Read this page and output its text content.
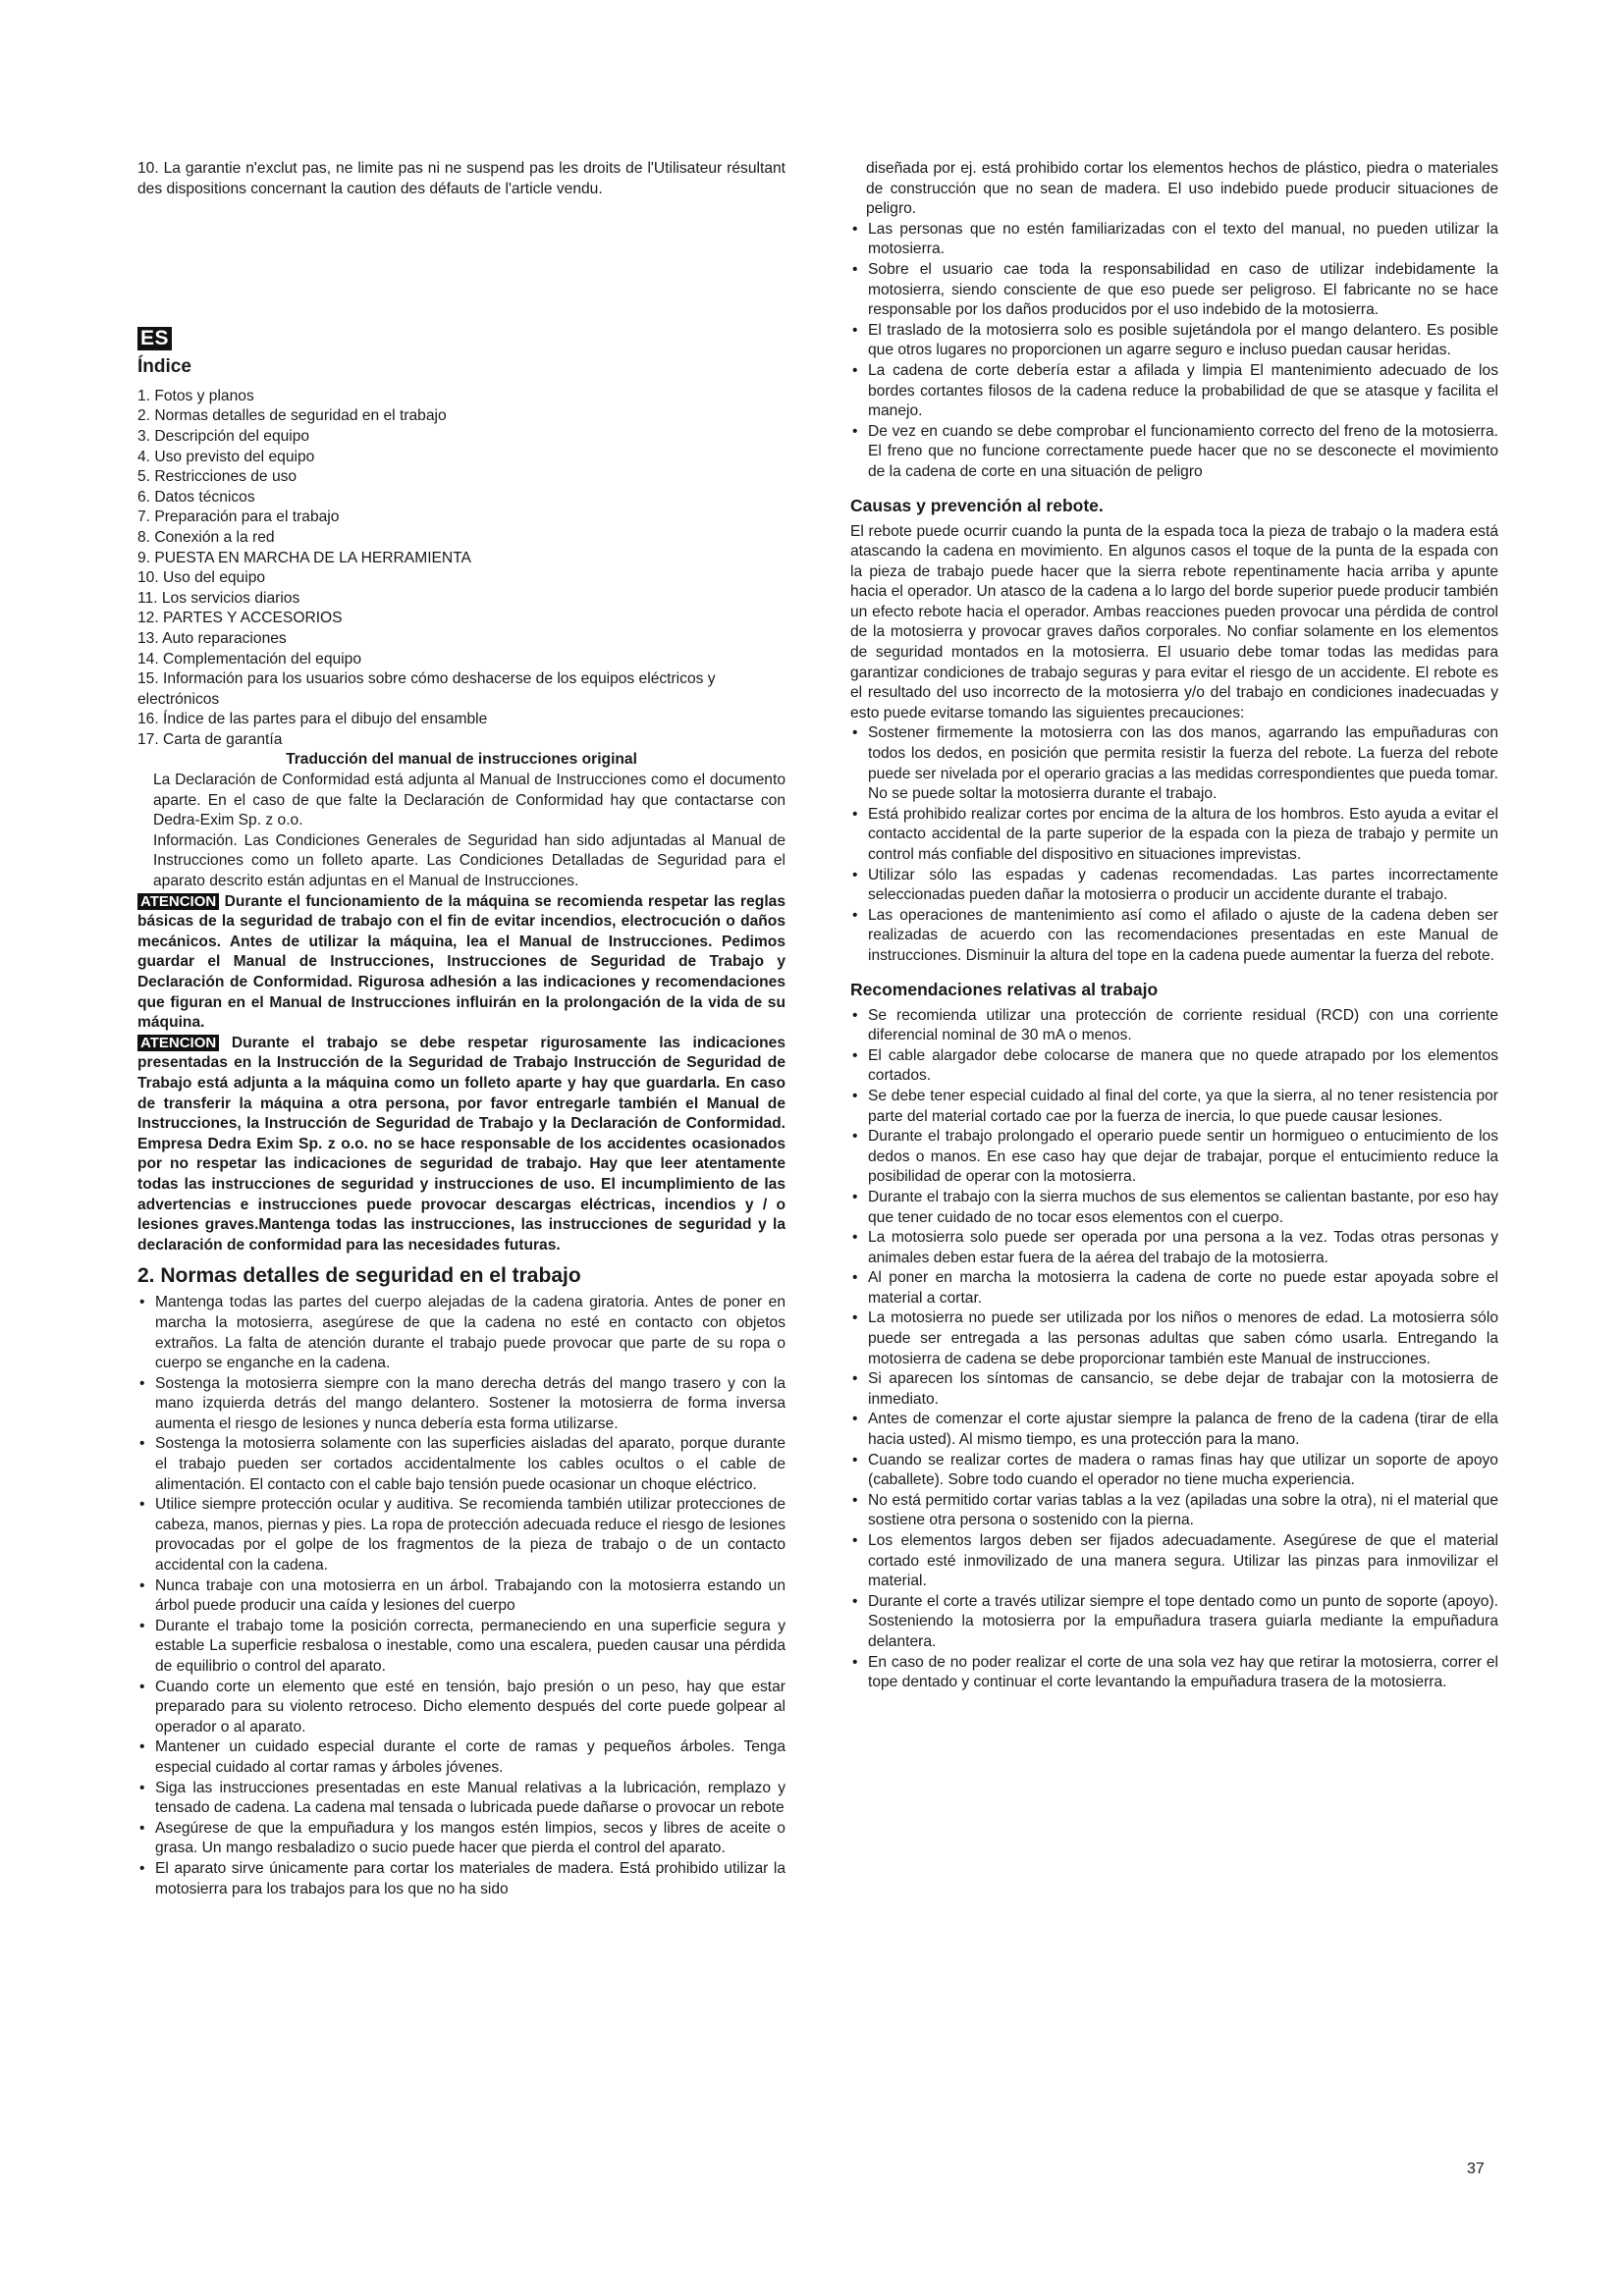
10. La garantie n'exclut pas, ne limite pas ni ne suspend pas les droits de l'Utilisateur résultant des dispositions concernant la caution des défauts de l'article vendu.

ES
Índice
1. Fotos y planos
2. Normas detalles de seguridad en el trabajo
3. Descripción del equipo
4. Uso previsto del equipo
5. Restricciones de uso
6. Datos técnicos
7. Preparación para el trabajo
8. Conexión a la red
9. PUESTA EN MARCHA DE LA HERRAMIENTA
10. Uso del equipo
11. Los servicios diarios
12. PARTES Y ACCESORIOS
13. Auto reparaciones
14. Complementación del equipo
15. Información para los usuarios sobre cómo deshacerse de los equipos eléctricos y electrónicos
16. Índice de las partes para el dibujo del ensamble
17. Carta de garantía

Traducción del manual de instrucciones original

La Declaración de Conformidad está adjunta al Manual de Instrucciones como el documento aparte. En el caso de que falte la Declaración de Conformidad hay que contactarse con Dedra-Exim Sp. z o.o.

Información. Las Condiciones Generales de Seguridad han sido adjuntadas al Manual de Instrucciones como un folleto aparte. Las Condiciones Detalladas de Seguridad para el aparato descrito están adjuntas en el Manual de Instrucciones.

ATENCION Durante el funcionamiento de la máquina se recomienda respetar las reglas básicas de la seguridad de trabajo con el fin de evitar incendios, electrocución o daños mecánicos. Antes de utilizar la máquina, lea el Manual de Instrucciones. Pedimos guardar el Manual de Instrucciones, Instrucciones de Seguridad de Trabajo y Declaración de Conformidad. Rigurosa adhesión a las indicaciones y recomendaciones que figuran en el Manual de Instrucciones influirán en la prolongación de la vida de su máquina.

ATENCION Durante el trabajo se debe respetar rigurosamente las indicaciones presentadas en la Instrucción de la Seguridad de Trabajo Instrucción de Seguridad de Trabajo está adjunta a la máquina como un folleto aparte y hay que guardarla. En caso de transferir la máquina a otra persona, por favor entregarle también el Manual de Instrucciones, la Instrucción de Seguridad de Trabajo y la Declaración de Conformidad. Empresa Dedra Exim Sp. z o.o. no se hace responsable de los accidentes ocasionados por no respetar las indicaciones de seguridad de trabajo. Hay que leer atentamente todas las instrucciones de seguridad y instrucciones de uso. El incumplimiento de las advertencias e instrucciones puede provocar descargas eléctricas, incendios y / o lesiones graves.Mantenga todas las instrucciones, las instrucciones de seguridad y la declaración de conformidad para las necesidades futuras.

2. Normas detalles de seguridad en el trabajo
• Mantenga todas las partes del cuerpo alejadas de la cadena giratoria. Antes de poner en marcha la motosierra, asegúrese de que la cadena no esté en contacto con objetos extraños. La falta de atención durante el trabajo puede provocar que parte de su ropa o cuerpo se enganche en la cadena.
• Sostenga la motosierra siempre con la mano derecha detrás del mango trasero y con la mano izquierda detrás del mango delantero. Sostener la motosierra de forma inversa aumenta el riesgo de lesiones y nunca debería esta forma utilizarse.
• Sostenga la motosierra solamente con las superficies aisladas del aparato, porque durante el trabajo pueden ser cortados accidentalmente los cables ocultos o el cable de alimentación. El contacto con el cable bajo tensión puede ocasionar un choque eléctrico.
• Utilice siempre protección ocular y auditiva. Se recomienda también utilizar protecciones de cabeza, manos, piernas y pies. La ropa de protección adecuada reduce el riesgo de lesiones provocadas por el golpe de los fragmentos de la pieza de trabajo o de un contacto accidental con la cadena.
• Nunca trabaje con una motosierra en un árbol. Trabajando con la motosierra estando un árbol puede producir una caída y lesiones del cuerpo
• Durante el trabajo tome la posición correcta, permaneciendo en una superficie segura y estable La superficie resbalosa o inestable, como una escalera, pueden causar una pérdida de equilibrio o control del aparato.
• Cuando corte un elemento que esté en tensión, bajo presión o un peso, hay que estar preparado para su violento retroceso. Dicho elemento después del corte puede golpear al operador o al aparato.
• Mantener un cuidado especial durante el corte de ramas y pequeños árboles. Tenga especial cuidado al cortar ramas y árboles jóvenes.
• Siga las instrucciones presentadas en este Manual relativas a la lubricación, remplazo y tensado de cadena. La cadena mal tensada o lubricada puede dañarse o provocar un rebote
• Asegúrese de que la empuñadura y los mangos estén limpios, secos y libres de aceite o grasa. Un mango resbaladizo o sucio puede hacer que pierda el control del aparato.
• El aparato sirve únicamente para cortar los materiales de madera. Está prohibido utilizar la motosierra para los trabajos para los que no ha sido

diseñada por ej. está prohibido cortar los elementos hechos de plástico, piedra o materiales de construcción que no sean de madera. El uso indebido puede producir situaciones de peligro.

• Las personas que no estén familiarizadas con el texto del manual, no pueden utilizar la motosierra.
• Sobre el usuario cae toda la responsabilidad en caso de utilizar indebidamente la motosierra, siendo consciente de que eso puede ser peligroso. El fabricante no se hace responsable por los daños producidos por el uso indebido de la motosierra.
• El traslado de la motosierra solo es posible sujetándola por el mango delantero. Es posible que otros lugares no proporcionen un agarre seguro e incluso puedan causar heridas.
• La cadena de corte debería estar a afilada y limpia El mantenimiento adecuado de los bordes cortantes filosos de la cadena reduce la probabilidad de que se atasque y facilita el manejo.
• De vez en cuando se debe comprobar el funcionamiento correcto del freno de la motosierra. El freno que no funcione correctamente puede hacer que no se desconecte el movimiento de la cadena de corte en una situación de peligro
Causas y prevención al rebote.

El rebote puede ocurrir cuando la punta de la espada toca la pieza de trabajo o la madera está atascando la cadena en movimiento. En algunos casos el toque de la punta de la espada con la pieza de trabajo puede hacer que la sierra rebote repentinamente hacia arriba y apunte hacia el operador. Un atasco de la cadena a lo largo del borde superior puede producir también un efecto rebote hacia el operador. Ambas reacciones pueden provocar una pérdida de control de la motosierra y provocar graves daños corporales. No confiar solamente en los elementos de seguridad montados en la motosierra. El usuario debe tomar todas las medidas para garantizar condiciones de trabajo seguras y para evitar el riesgo de un accidente. El rebote es el resultado del uso incorrecto de la motosierra y/o del trabajo en condiciones inadecuadas y esto puede evitarse tomando las siguientes precauciones:

• Sostener firmemente la motosierra con las dos manos, agarrando las empuñaduras con todos los dedos, en posición que permita resistir la fuerza del rebote. La fuerza del rebote puede ser nivelada por el operario gracias a las medidas correspondientes que pueda tomar. No se puede soltar la motosierra durante el trabajo.
• Está prohibido realizar cortes por encima de la altura de los hombros. Esto ayuda a evitar el contacto accidental de la parte superior de la espada con la pieza de trabajo y permite un control más confiable del dispositivo en situaciones imprevistas.
• Utilizar sólo las espadas y cadenas recomendadas. Las partes incorrectamente seleccionadas pueden dañar la motosierra o producir un accidente durante el trabajo.
• Las operaciones de mantenimiento así como el afilado o ajuste de la cadena deben ser realizadas de acuerdo con las recomendaciones presentadas en este Manual de instrucciones. Disminuir la altura del tope en la cadena puede aumentar la fuerza del rebote.
Recomendaciones relativas al trabajo
• Se recomienda utilizar una protección de corriente residual (RCD) con una corriente diferencial nominal de 30 mA o menos.
• El cable alargador debe colocarse de manera que no quede atrapado por los elementos cortados.
• Se debe tener especial cuidado al final del corte, ya que la sierra, al no tener resistencia por parte del material cortado cae por la fuerza de inercia, lo que puede causar lesiones.
• Durante el trabajo prolongado el operario puede sentir un hormigueo o entucimiento de los dedos o manos. En ese caso hay que dejar de trabajar, porque el entucimiento reduce la posibilidad de operar con la motosierra.
• Durante el trabajo con la sierra muchos de sus elementos se calientan bastante, por eso hay que tener cuidado de no tocar esos elementos con el cuerpo.
• La motosierra solo puede ser operada por una persona a la vez. Todas otras personas y animales deben estar fuera de la aérea del trabajo de la motosierra.
• Al poner en marcha la motosierra la cadena de corte no puede estar apoyada sobre el material a cortar.
• La motosierra no puede ser utilizada por los niños o menores de edad. La motosierra sólo puede ser entregada a las personas adultas que saben cómo usarla. Entregando la motosierra de cadena se debe proporcionar también este Manual de instrucciones.
• Si aparecen los síntomas de cansancio, se debe dejar de trabajar con la motosierra de inmediato.
• Antes de comenzar el corte ajustar siempre la palanca de freno de la cadena (tirar de ella hacia usted). Al mismo tiempo, es una protección para la mano.
• Cuando se realizar cortes de madera o ramas finas hay que utilizar un soporte de apoyo (caballete). Sobre todo cuando el operador no tiene mucha experiencia.
• No está permitido cortar varias tablas a la vez (apiladas una sobre la otra), ni el material que sostiene otra persona o sostenido con la pierna.
• Los elementos largos deben ser fijados adecuadamente. Asegúrese de que el material cortado esté inmovilizado de una manera segura. Utilizar las pinzas para inmovilizar el material.
• Durante el corte a través utilizar siempre el tope dentado como un punto de soporte (apoyo). Sosteniendo la motosierra por la empuñadura trasera guiarla mediante la empuñadura delantera.
• En caso de no poder realizar el corte de una sola vez hay que retirar la motosierra, correr el tope dentado y continuar el corte levantando la empuñadura trasera de la motosierra.
37
